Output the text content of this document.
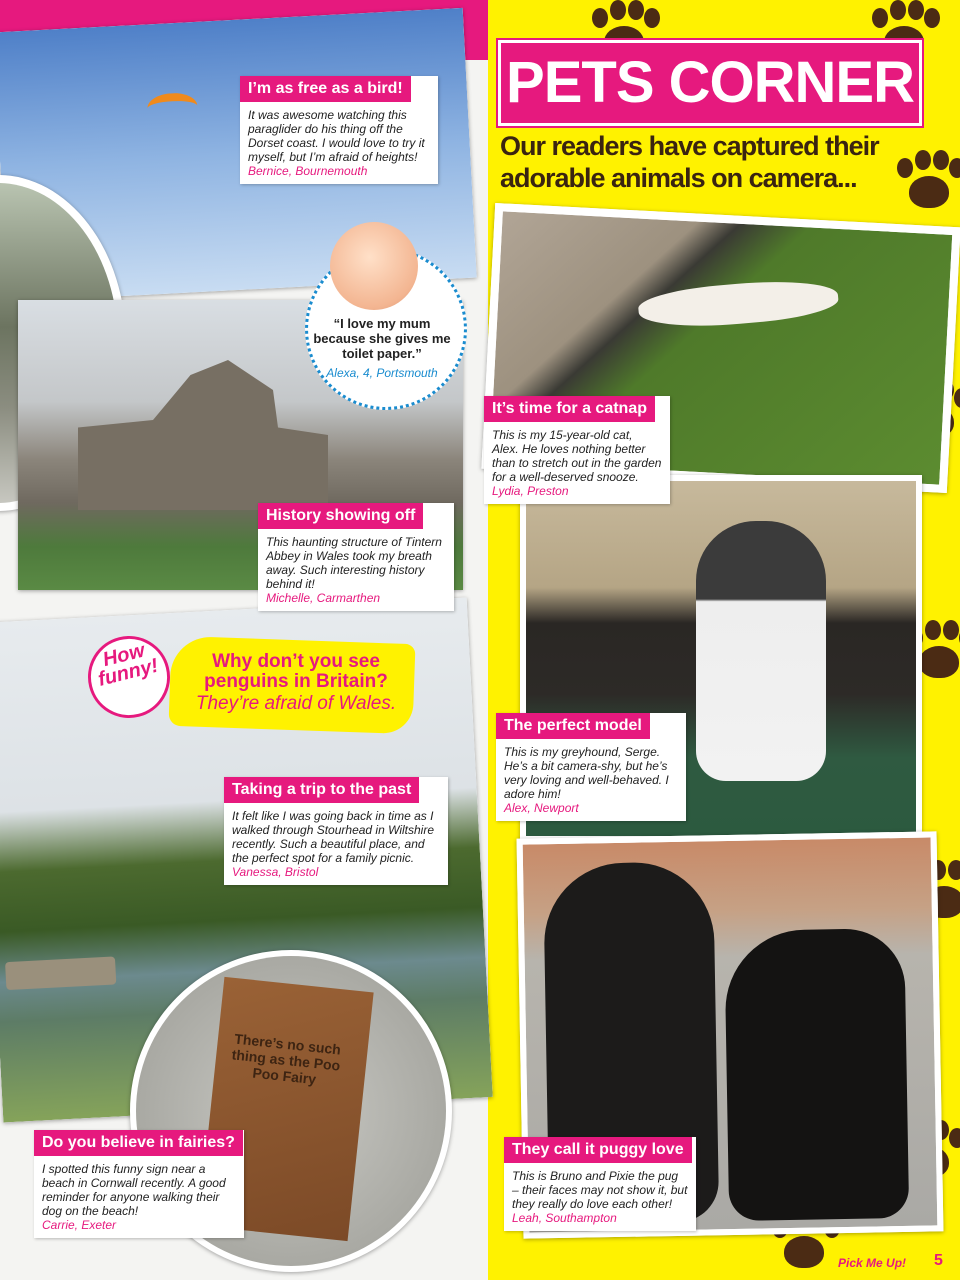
There’s no such thing as the Poo Poo Fairy
I’m as free as a bird!
It was awesome watching this paraglider do his thing off the Dorset coast. I would love to try it myself, but I’m afraid of heights!
Bernice, Bournemouth
History showing off
This haunting structure of Tintern Abbey in Wales took my breath away. Such interesting history behind it!
Michelle, Carmarthen
Taking a trip to the past
It felt like I was going back in time as I walked through Stourhead in Wiltshire recently. Such a beautiful place, and the perfect spot for a family picnic.
Vanessa, Bristol
Do you believe in fairies?
I spotted this funny sign near a beach in Cornwall recently. A good reminder for anyone walking their dog on the beach!
Carrie, Exeter
“I love my mum because she gives me toilet paper.”
Alexa, 4, Portsmouth
How funny!	Why don’t you see penguins in Britain?
They’re afraid of Wales.
PETS CORNER
Our readers have captured their adorable animals on camera...
It’s time for a catnap
This is my 15-year-old cat, Alex. He loves nothing better than to stretch out in the garden for a well-deserved snooze.
Lydia, Preston
The perfect model
This is my greyhound, Serge. He’s a bit camera-shy, but he’s very loving and well-behaved. I adore him!
Alex, Newport
They call it puggy love
This is Bruno and Pixie the pug – their faces may not show it, but they really do love each other!
Leah, Southampton
Pick Me Up! 5
